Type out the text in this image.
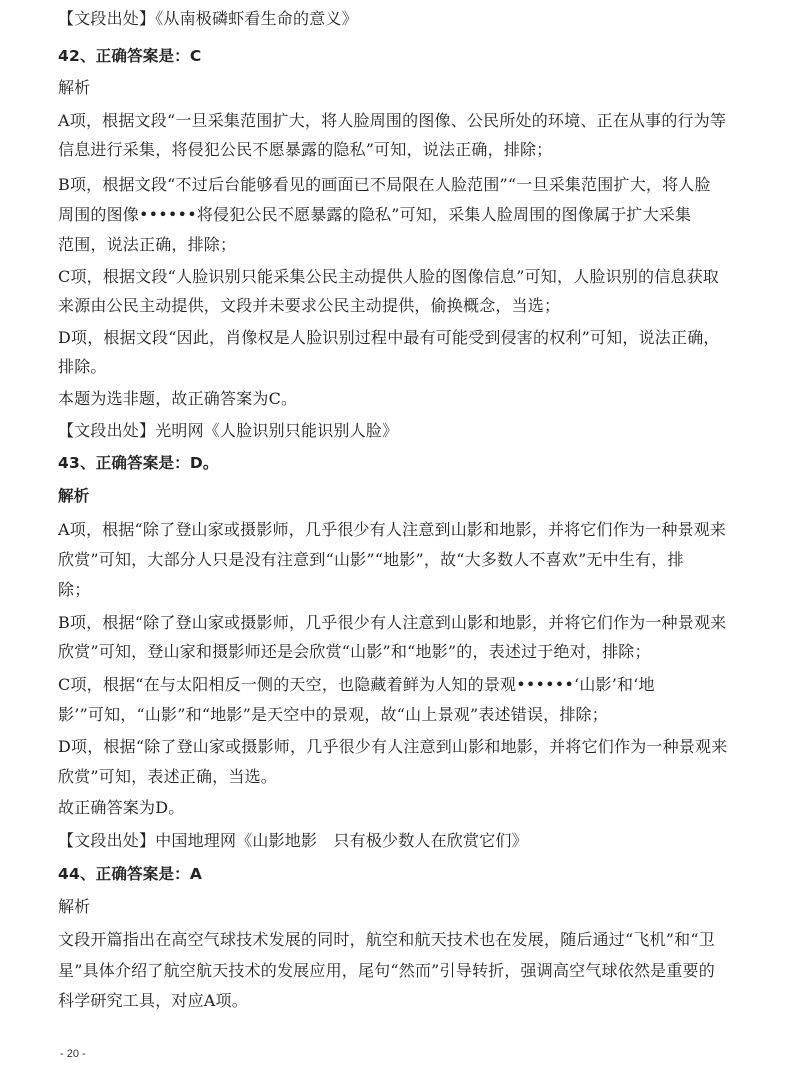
【文段出处】《从南极磷虾看生命的意义》
42、正确答案是：C
解析
A项，根据文段“一旦采集范围扩大，将人脸周围的图像、公民所处的环境、正在从事的行为等
信息进行采集，将侵犯公民不愿暴露的隐私”可知，说法正确，排除；
B项，根据文段“不过后台能够看见的画面已不局限在人脸范围”“一旦采集范围扩大，将人脸
周围的图像••••••将侵犯公民不愿暴露的隐私”可知，采集人脸周围的图像属于扩大采集
范围，说法正确，排除；
C项，根据文段“人脸识别只能采集公民主动提供人脸的图像信息”可知，人脸识别的信息获取
来源由公民主动提供，文段并未要求公民主动提供，偷换概念，当选；
D项，根据文段“因此，肖像权是人脸识别过程中最有可能受到侵害的权利”可知，说法正确，
排除。
本题为选非题，故正确答案为C。
【文段出处】光明网《人脸识别只能识别人脸》
43、正确答案是：D。
解析
A项，根据“除了登山家或摄影师，几乎很少有人注意到山影和地影，并将它们作为一种景观来
欣赏”可知，大部分人只是没有注意到“山影”“地影”，故“大多数人不喜欢”无中生有，排
除；
B项，根据“除了登山家或摄影师，几乎很少有人注意到山影和地影，并将它们作为一种景观来
欣赏”可知，登山家和摄影师还是会欣赏“山影”和“地影”的，表述过于绝对，排除；
C项，根据“在与太阳相反一侧的天空，也隐藏着鲜为人知的景观••••••‘山影’和‘地
影’”可知，“山影”和“地影”是天空中的景观，故“山上景观”表述错误，排除；
D项，根据“除了登山家或摄影师，几乎很少有人注意到山影和地影，并将它们作为一种景观来
欣赏”可知，表述正确，当选。
故正确答案为D。
【文段出处】中国地理网《山影地影　只有极少数人在欣赏它们》
44、正确答案是：A
解析
文段开篇指出在高空气球技术发展的同时，航空和航天技术也在发展，随后通过“飞机”和“卫
星”具体介绍了航空航天技术的发展应用，尾句“然而”引导转折，强调高空气球依然是重要的
科学研究工具，对应A项。
- 20 -
